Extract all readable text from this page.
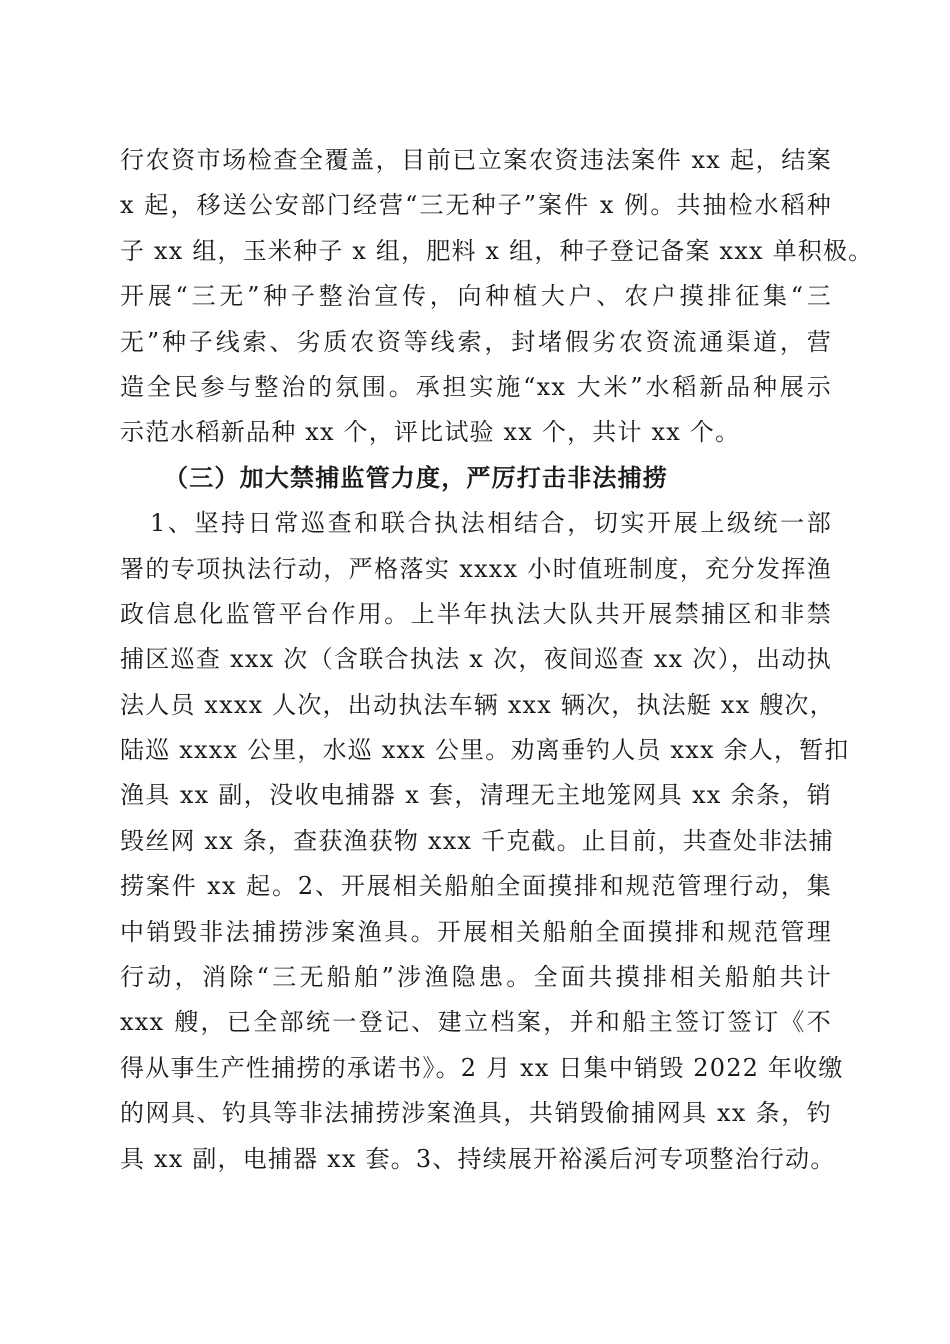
行农资市场检查全覆盖，目前已立案农资违法案件 xx 起，结案
x 起，移送公安部门经营“三无种子”案件 x 例。共抽检水稻种
子 xx 组，玉米种子 x 组，肥料 x 组，种子登记备案 xxx 单积极。
开展“三无”种子整治宣传，向种植大户、农户摸排征集“三
无”种子线索、劣质农资等线索，封堵假劣农资流通渠道，营
造全民参与整治的氛围。承担实施“xx 大米”水稻新品种展示
示范水稻新品种 xx 个，评比试验 xx 个，共计 xx 个。
（三）加大禁捕监管力度，严厉打击非法捕捞
1、坚持日常巡查和联合执法相结合，切实开展上级统一部
署的专项执法行动，严格落实 xxxx 小时值班制度，充分发挥渔
政信息化监管平台作用。上半年执法大队共开展禁捕区和非禁
捕区巡查 xxx 次（含联合执法 x 次，夜间巡查 xx 次），出动执
法人员 xxxx 人次，出动执法车辆 xxx 辆次，执法艇 xx 艘次，
陆巡 xxxx 公里，水巡 xxx 公里。劝离垂钓人员 xxx 余人，暂扣
渔具 xx 副，没收电捕器 x 套，清理无主地笼网具 xx 余条，销
毁丝网 xx 条，查获渔获物 xxx 千克截。止目前，共查处非法捕
捞案件 xx 起。2、开展相关船舶全面摸排和规范管理行动，集
中销毁非法捕捞涉案渔具。开展相关船舶全面摸排和规范管理
行动，消除“三无船舶”涉渔隐患。全面共摸排相关船舶共计
xxx 艘，已全部统一登记、建立档案，并和船主签订签订《不
得从事生产性捕捞的承诺书》。2 月 xx 日集中销毁 2022 年收缴
的网具、钓具等非法捕捞涉案渔具，共销毁偷捕网具 xx 条，钓
具 xx 副，电捕器 xx 套。3、持续展开裕溪后河专项整治行动。
